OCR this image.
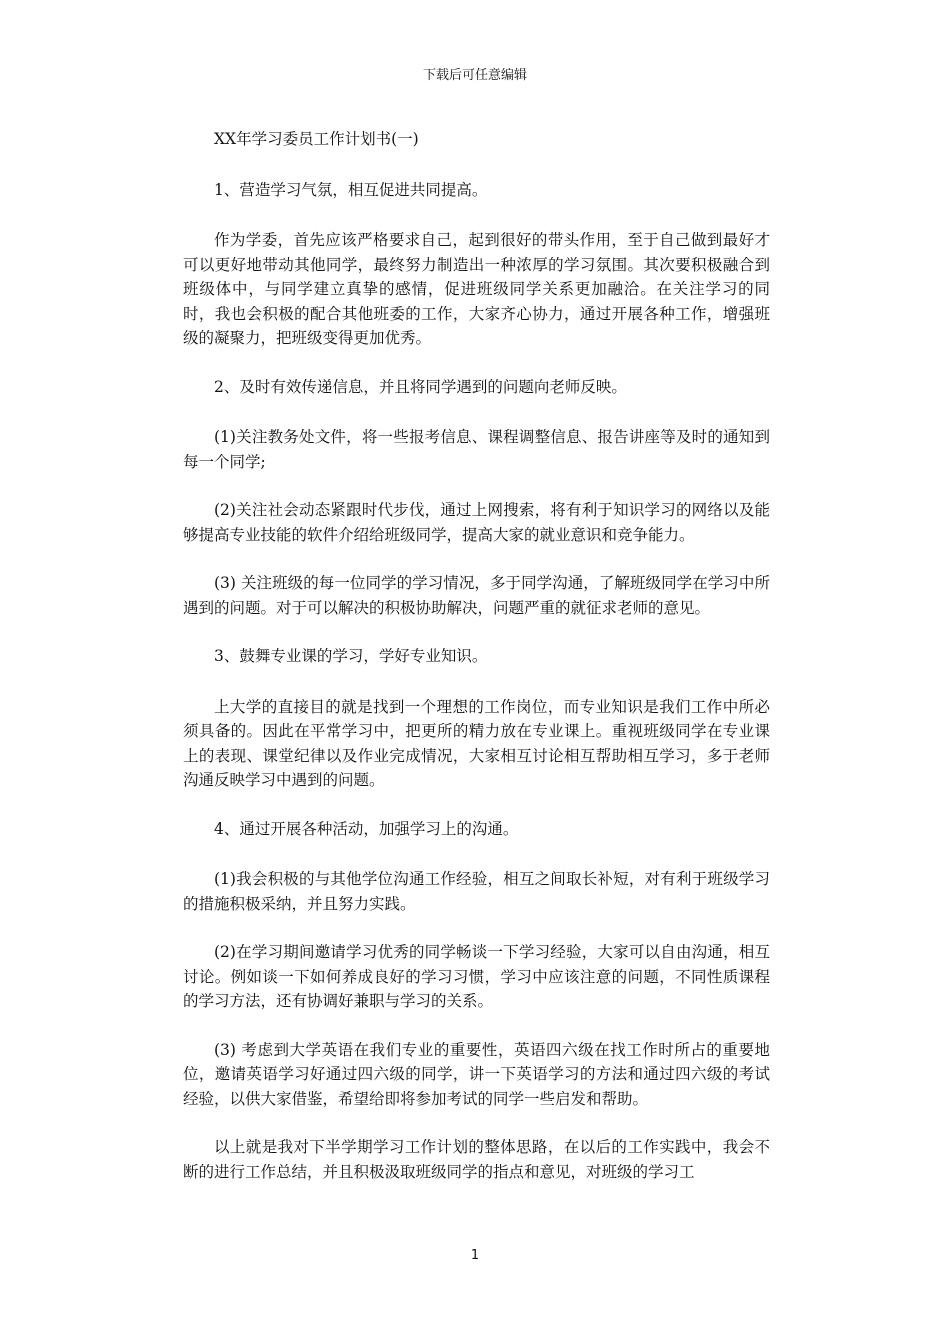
下载后可任意编辑

XX年学习委员工作计划书(一)

1、营造学习气氛，相互促进共同提高。

作为学委，首先应该严格要求自己，起到很好的带头作用，至于自己做到最好才可以更好地带动其他同学，最终努力制造出一种浓厚的学习氛围。其次要积极融合到班级体中，与同学建立真挚的感情，促进班级同学关系更加融洽。在关注学习的同时，我也会积极的配合其他班委的工作，大家齐心协力，通过开展各种工作，增强班级的凝聚力，把班级变得更加优秀。

2、及时有效传递信息，并且将同学遇到的问题向老师反映。

(1)关注教务处文件，将一些报考信息、课程调整信息、报告讲座等及时的通知到每一个同学;

(2)关注社会动态紧跟时代步伐，通过上网搜索，将有利于知识学习的网络以及能够提高专业技能的软件介绍给班级同学，提高大家的就业意识和竞争能力。

(3) 关注班级的每一位同学的学习情况，多于同学沟通，了解班级同学在学习中所遇到的问题。对于可以解决的积极协助解决，问题严重的就征求老师的意见。

3、鼓舞专业课的学习，学好专业知识。

上大学的直接目的就是找到一个理想的工作岗位，而专业知识是我们工作中所必须具备的。因此在平常学习中，把更所的精力放在专业课上。重视班级同学在专业课上的表现、课堂纪律以及作业完成情况，大家相互讨论相互帮助相互学习，多于老师沟通反映学习中遇到的问题。

4、通过开展各种活动，加强学习上的沟通。

(1)我会积极的与其他学位沟通工作经验，相互之间取长补短，对有利于班级学习的措施积极采纳，并且努力实践。

(2)在学习期间邀请学习优秀的同学畅谈一下学习经验，大家可以自由沟通，相互讨论。例如谈一下如何养成良好的学习习惯，学习中应该注意的问题，不同性质课程的学习方法，还有协调好兼职与学习的关系。

(3) 考虑到大学英语在我们专业的重要性，英语四六级在找工作时所占的重要地位，邀请英语学习好通过四六级的同学，讲一下英语学习的方法和通过四六级的考试经验，以供大家借鉴，希望给即将参加考试的同学一些启发和帮助。

以上就是我对下半学期学习工作计划的整体思路，在以后的工作实践中，我会不断的进行工作总结，并且积极汲取班级同学的指点和意见，对班级的学习工

1
